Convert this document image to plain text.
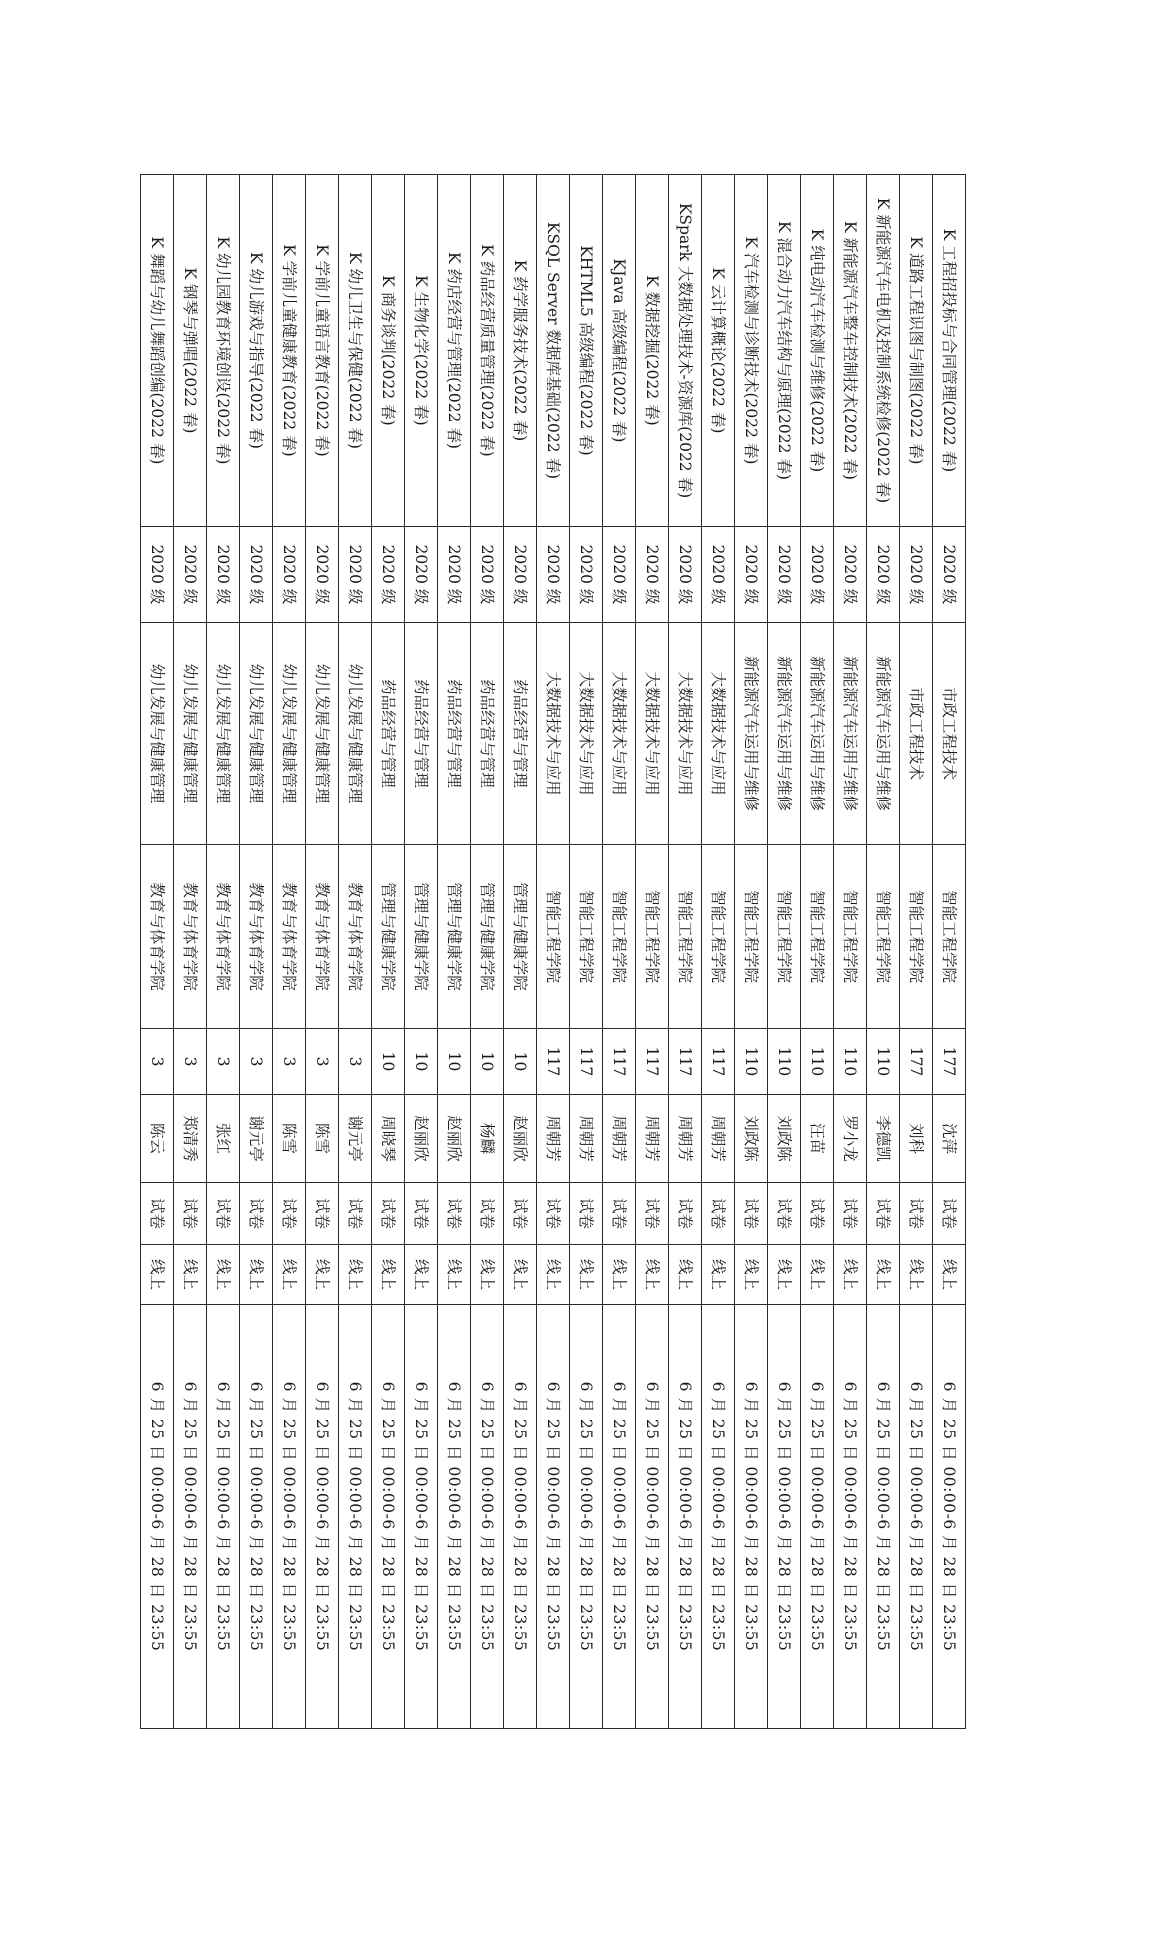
K 工程招投标与合同管理(2022 春)	2020 级	市政工程技术	智能工程学院	177	沈萍	试卷	线上	6 月 25 日 00:00-6 月 28 日 23:55
K 道路工程识图与制图(2022 春)	2020 级	市政工程技术	智能工程学院	177	刘科	试卷	线上	6 月 25 日 00:00-6 月 28 日 23:55
K 新能源汽车电机及控制系统检修(2022 春)	2020 级	新能源汽车运用与维修	智能工程学院	110	李德凯	试卷	线上	6 月 25 日 00:00-6 月 28 日 23:55
K 新能源汽车整车控制技术(2022 春)	2020 级	新能源汽车运用与维修	智能工程学院	110	罗小龙	试卷	线上	6 月 25 日 00:00-6 月 28 日 23:55
K 纯电动汽车检测与维修(2022 春)	2020 级	新能源汽车运用与维修	智能工程学院	110	汪苗	试卷	线上	6 月 25 日 00:00-6 月 28 日 23:55
K 混合动力汽车结构与原理(2022 春)	2020 级	新能源汽车运用与维修	智能工程学院	110	刘政陈	试卷	线上	6 月 25 日 00:00-6 月 28 日 23:55
K 汽车检测与诊断技术(2022 春)	2020 级	新能源汽车运用与维修	智能工程学院	110	刘政陈	试卷	线上	6 月 25 日 00:00-6 月 28 日 23:55
K 云计算概论(2022 春)	2020 级	大数据技术与应用	智能工程学院	117	周朝芳	试卷	线上	6 月 25 日 00:00-6 月 28 日 23:55
KSpark 大数据处理技术-资源库(2022 春)	2020 级	大数据技术与应用	智能工程学院	117	周朝芳	试卷	线上	6 月 25 日 00:00-6 月 28 日 23:55
K 数据挖掘(2022 春)	2020 级	大数据技术与应用	智能工程学院	117	周朝芳	试卷	线上	6 月 25 日 00:00-6 月 28 日 23:55
KJava 高级编程(2022 春)	2020 级	大数据技术与应用	智能工程学院	117	周朝芳	试卷	线上	6 月 25 日 00:00-6 月 28 日 23:55
KHTML5 高级编程(2022 春)	2020 级	大数据技术与应用	智能工程学院	117	周朝芳	试卷	线上	6 月 25 日 00:00-6 月 28 日 23:55
KSQL Server 数据库基础(2022 春)	2020 级	大数据技术与应用	智能工程学院	117	周朝芳	试卷	线上	6 月 25 日 00:00-6 月 28 日 23:55
K 药学服务技术(2022 春)	2020 级	药品经营与管理	管理与健康学院	10	赵丽欣	试卷	线上	6 月 25 日 00:00-6 月 28 日 23:55
K 药品经营质量管理(2022 春)	2020 级	药品经营与管理	管理与健康学院	10	杨麟	试卷	线上	6 月 25 日 00:00-6 月 28 日 23:55
K 药店经营与管理(2022 春)	2020 级	药品经营与管理	管理与健康学院	10	赵丽欣	试卷	线上	6 月 25 日 00:00-6 月 28 日 23:55
K 生物化学(2022 春)	2020 级	药品经营与管理	管理与健康学院	10	赵丽欣	试卷	线上	6 月 25 日 00:00-6 月 28 日 23:55
K 商务谈判(2022 春)	2020 级	药品经营与管理	管理与健康学院	10	周晓琴	试卷	线上	6 月 25 日 00:00-6 月 28 日 23:55
K 幼儿卫生与保健(2022 春)	2020 级	幼儿发展与健康管理	教育与体育学院	3	谢元亭	试卷	线上	6 月 25 日 00:00-6 月 28 日 23:55
K 学前儿童语言教育(2022 春)	2020 级	幼儿发展与健康管理	教育与体育学院	3	陈雪	试卷	线上	6 月 25 日 00:00-6 月 28 日 23:55
K 学前儿童健康教育(2022 春)	2020 级	幼儿发展与健康管理	教育与体育学院	3	陈雪	试卷	线上	6 月 25 日 00:00-6 月 28 日 23:55
K 幼儿游戏与指导(2022 春)	2020 级	幼儿发展与健康管理	教育与体育学院	3	谢元亭	试卷	线上	6 月 25 日 00:00-6 月 28 日 23:55
K 幼儿园教育环境创设(2022 春)	2020 级	幼儿发展与健康管理	教育与体育学院	3	张红	试卷	线上	6 月 25 日 00:00-6 月 28 日 23:55
K 钢琴与弹唱(2022 春)	2020 级	幼儿发展与健康管理	教育与体育学院	3	郑清秀	试卷	线上	6 月 25 日 00:00-6 月 28 日 23:55
K 舞蹈与幼儿舞蹈创编(2022 春)	2020 级	幼儿发展与健康管理	教育与体育学院	3	陈云	试卷	线上	6 月 25 日 00:00-6 月 28 日 23:55
